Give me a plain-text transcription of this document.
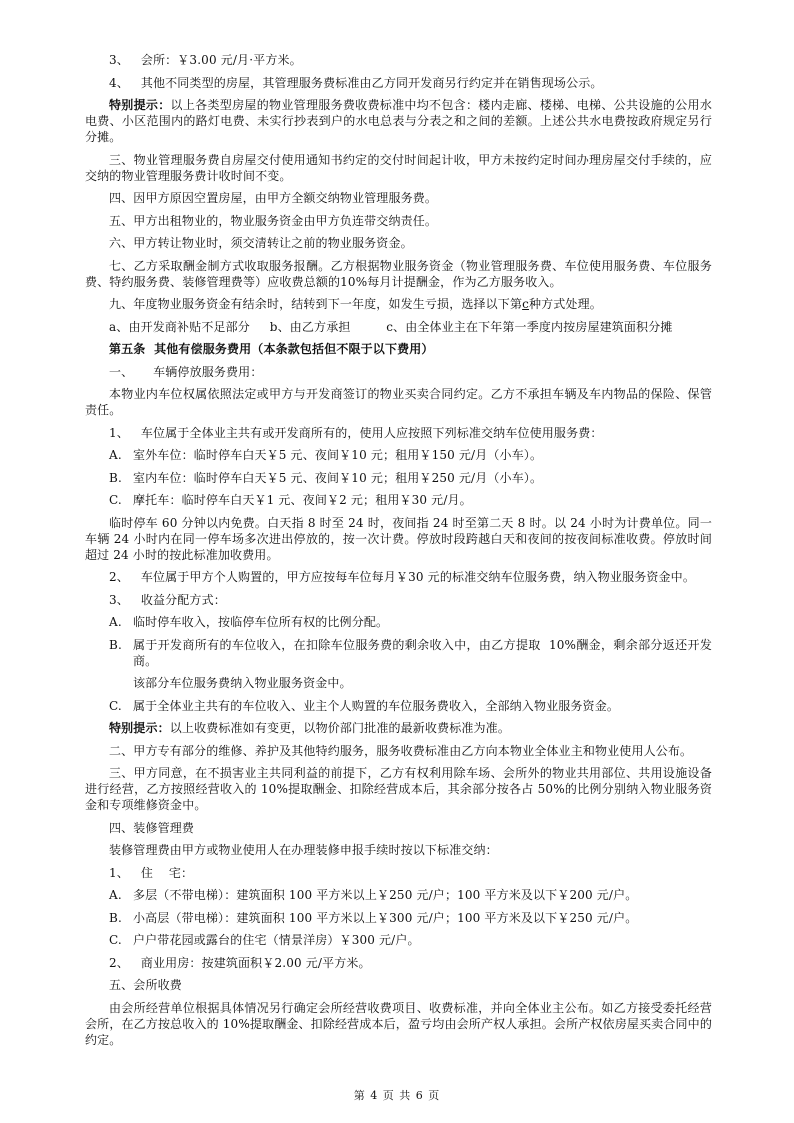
3、   会所：￥3.00 元/月·平方米。

4、   其他不同类型的房屋，其管理服务费标准由乙方同开发商另行约定并在销售现场公示。

特别提示：以上各类型房屋的物业管理服务费收费标准中均不包含：楼内走廊、楼梯、电梯、公共设施的公用水电费、小区范围内的路灯电费、未实行抄表到户的水电总表与分表之和之间的差额。上述公共水电费按政府规定另行分摊。

三、物业管理服务费自房屋交付使用通知书约定的交付时间起计收，甲方未按约定时间办理房屋交付手续的，应交纳的物业管理服务费计收时间不变。

四、因甲方原因空置房屋，由甲方全额交纳物业管理服务费。

五、甲方出租物业的，物业服务资金由甲方负连带交纳责任。

六、甲方转让物业时，须交清转让之前的物业服务资金。

七、乙方采取酬金制方式收取服务报酬。乙方根据物业服务资金（物业管理服务费、车位使用服务费、车位服务费、特约服务费、装修管理费等）应收费总额的10%每月计提酬金，作为乙方服务收入。

九、年度物业服务资金有结余时，结转到下一年度，如发生亏损，选择以下第c种方式处理。

a、由开发商补贴不足部分     b、由乙方承担         c、由全体业主在下年第一季度内按房屋建筑面积分摊

第五条  其他有偿服务费用（本条款包括但不限于以下费用）

一、     车辆停放服务费用：

本物业内车位权属依照法定或甲方与开发商签订的物业买卖合同约定。乙方不承担车辆及车内物品的保险、保管责任。

1、   车位属于全体业主共有或开发商所有的，使用人应按照下列标准交纳车位使用服务费：

A. 室外车位：临时停车白天￥5 元、夜间￥10 元；租用￥150 元/月（小车）。
B. 室内车位：临时停车白天￥5 元、夜间￥10 元；租用￥250 元/月（小车）。
C. 摩托车：临时停车白天￥1 元、夜间￥2 元；租用￥30 元/月。

临时停车 60 分钟以内免费。白天指 8 时至 24 时，夜间指 24 时至第二天 8 时。以 24 小时为计费单位。同一车辆 24 小时内在同一停车场多次进出停放的，按一次计费。停放时段跨越白天和夜间的按夜间标准收费。停放时间超过 24 小时的按此标准加收费用。

2、   车位属于甲方个人购置的，甲方应按每车位每月￥30 元的标准交纳车位服务费，纳入物业服务资金中。

3、   收益分配方式：

A. 临时停车收入，按临停车位所有权的比例分配。
B. 属于开发商所有的车位收入，在扣除车位服务费的剩余收入中，由乙方提取  10%酬金，剩余部分返还开发商。

该部分车位服务费纳入物业服务资金中。

C. 属于全体业主共有的车位收入、业主个人购置的车位服务费收入，全部纳入物业服务资金。

特别提示：以上收费标准如有变更，以物价部门批准的最新收费标准为准。

二、甲方专有部分的维修、养护及其他特约服务，服务收费标准由乙方向本物业全体业主和物业使用人公布。

三、甲方同意，在不损害业主共同利益的前提下，乙方有权利用除车场、会所外的物业共用部位、共用设施设备进行经营，乙方按照经营收入的 10%提取酬金、扣除经营成本后，其余部分按各占 50%的比例分别纳入物业服务资金和专项维修资金中。

四、装修管理费

装修管理费由甲方或物业使用人在办理装修申报手续时按以下标准交纳：

1、   住    宅：

A. 多层（不带电梯）：建筑面积 100 平方米以上￥250 元/户；100 平方米及以下￥200 元/户。
B. 小高层（带电梯）：建筑面积 100 平方米以上￥300 元/户；100 平方米及以下￥250 元/户。
C. 户户带花园或露台的住宅（情景洋房）￥300 元/户。

2、   商业用房：按建筑面积￥2.00 元/平方米。

五、会所收费

由会所经营单位根据具体情况另行确定会所经营收费项目、收费标准，并向全体业主公布。如乙方接受委托经营会所，在乙方按总收入的 10%提取酬金、扣除经营成本后，盈亏均由会所产权人承担。会所产权依房屋买卖合同中的约定。

第 4 页 共 6 页
